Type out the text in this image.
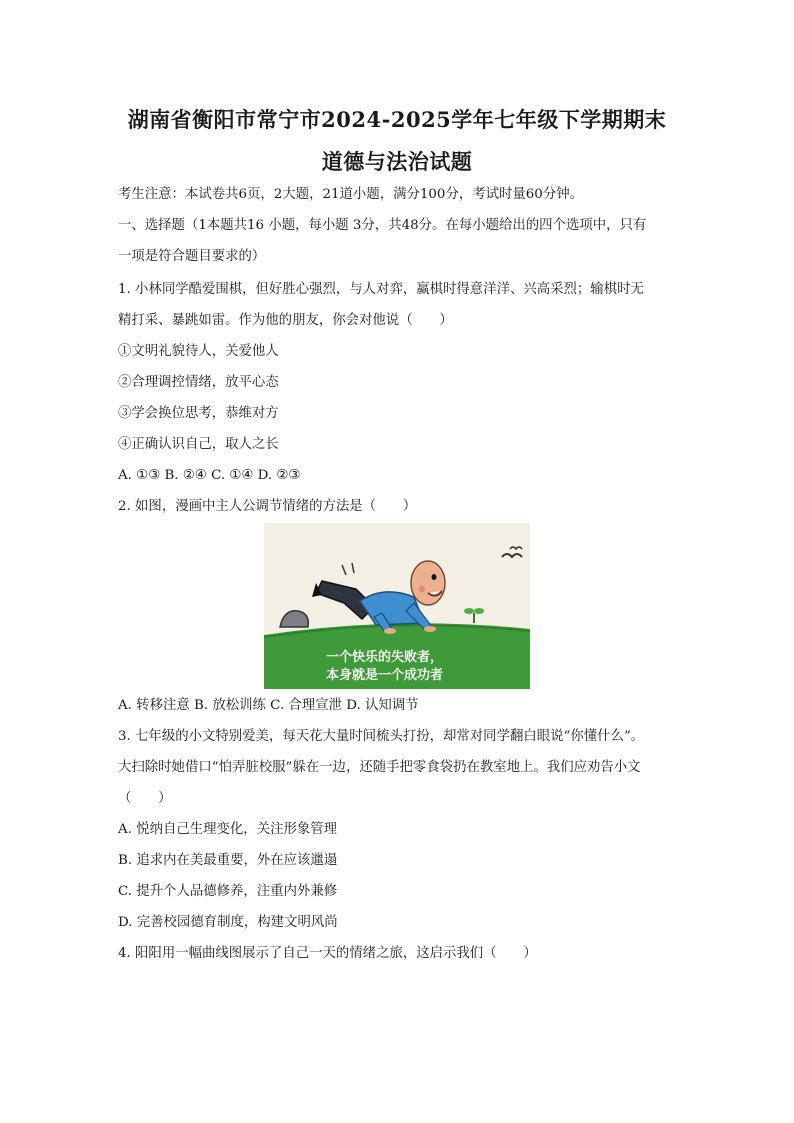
湖南省衡阳市常宁市2024-2025学年七年级下学期期末
道德与法治试题
考生注意：本试卷共6页，2大题，21道小题，满分100分，考试时量60分钟。
一、选择题（1本题共16 小题，每小题 3分，共48分。在每小题给出的四个选项中，只有
一项是符合题目要求的）
1. 小林同学酷爱围棋，但好胜心强烈，与人对弈，赢棋时得意洋洋、兴高采烈；输棋时无
精打采、暴跳如雷。作为他的朋友，你会对他说（　　）
①文明礼貌待人，关爱他人
②合理调控情绪，放平心态
③学会换位思考，恭维对方
④正确认识自己，取人之长
A. ①③ B. ②④ C. ①④ D. ②③
2. 如图，漫画中主人公调节情绪的方法是（　　）
一个快乐的失败者，
本身就是一个成功者
A. 转移注意 B. 放松训练 C. 合理宣泄 D. 认知调节
3. 七年级的小文特别爱美，每天花大量时间梳头打扮，却常对同学翻白眼说“你懂什么”。
大扫除时她借口“怕弄脏校服”躲在一边，还随手把零食袋扔在教室地上。我们应劝告小文
（　　）
A. 悦纳自己生理变化，关注形象管理
B. 追求内在美最重要，外在应该邋遢
C. 提升个人品德修养，注重内外兼修
D. 完善校园德育制度，构建文明风尚
4. 阳阳用一幅曲线图展示了自己一天的情绪之旅，这启示我们（　　）
